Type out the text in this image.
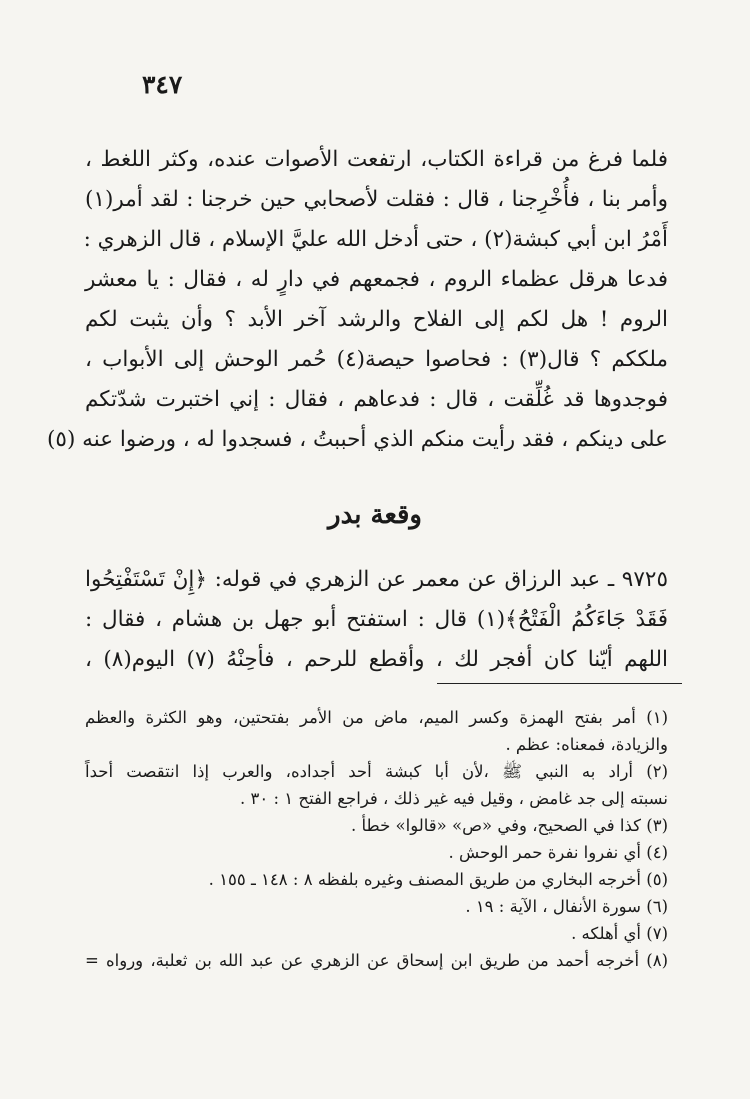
٣٤٧
فلما فرغ من قراءة الكتاب، ارتفعت الأصوات عنده، وكثر اللغط ،
وأمر بنا ، فأُخْرِجنا ، قال : فقلت لأصحابي حين خرجنا : لقد أمر(١)
أَمْرُ ابن أبي كبشة(٢) ، حتى أدخل الله عليَّ الإسلام ، قال الزهري :
فدعا هرقل عظماء الروم ، فجمعهم في دارٍ له ، فقال : يا معشر
الروم ! هل لكم إلى الفلاح والرشد آخر الأبد ؟ وأن يثبت لكم
ملككم ؟ قال(٣) : فحاصوا حيصة(٤) حُمر الوحش إلى الأبواب ،
فوجدوها قد غُلِّقت ، قال : فدعاهم ، فقال : إني اختبرت شدّتكم
على دينكم ، فقد رأيت منكم الذي أحببتُ ، فسجدوا له ، ورضوا عنه (٥)
وقعة بدر
٩٧٢٥ ـ عبد الرزاق عن معمر عن الزهري في قوله: ﴿إِنْ تَسْتَفْتِحُوا
فَقَدْ جَاءَكُمُ الْفَتْحُ﴾(١) قال : استفتح أبو جهل بن هشام ، فقال :
اللهم أيّنا كان أفجر لك ، وأقطع للرحم ، فأحِنْهُ (٧) اليوم(٨) ،
(١) أمر بفتح الهمزة وكسر الميم، ماض من الأمر بفتحتين، وهو الكثرة والعظم
والزيادة، فمعناه: عظم .
(٢) أراد به النبي ﷺ ،لأن أبا كبشة أحد أجداده، والعرب إذا انتقصت أحداً
نسبته إلى جد غامض ، وقيل فيه غير ذلك ، فراجع الفتح ١ : ٣٠ .
(٣) كذا في الصحيح، وفي «ص» «قالوا» خطأ .
(٤) أي نفروا نفرة حمر الوحش .
(٥) أخرجه البخاري من طريق المصنف وغيره بلفظه ٨ : ١٤٨ ـ ١٥٥ .
(٦) سورة الأنفال ، الآية : ١٩ .
(٧) أي أهلكه .
(٨) أخرجه أحمد من طريق ابن إسحاق عن الزهري عن عبد الله بن ثعلبة، ورواه =
